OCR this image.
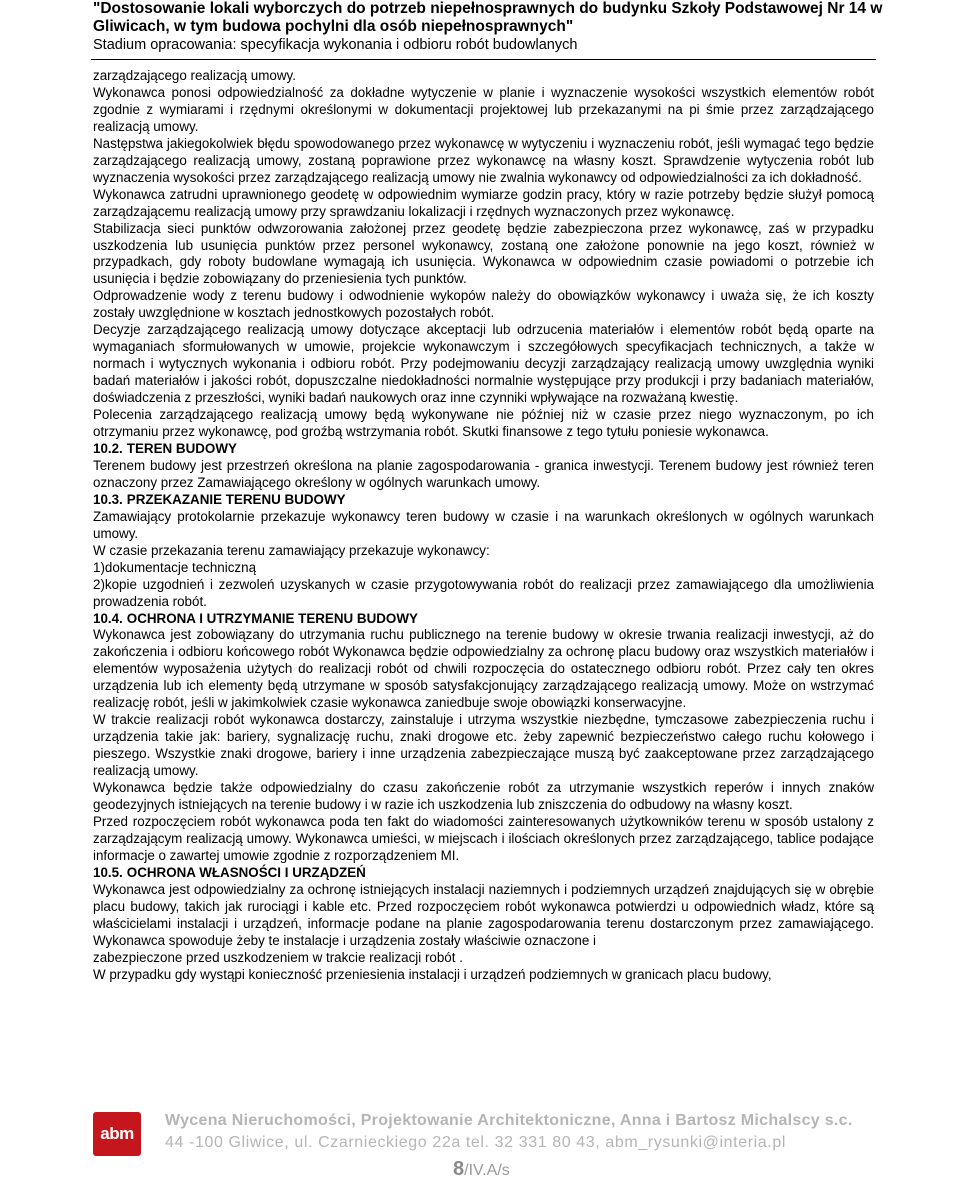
"Dostosowanie lokali wyborczych do potrzeb niepełnosprawnych do budynku Szkoły Podstawowej Nr 14 w
Gliwicach, w tym budowa pochylni dla osób niepełnosprawnych"
Stadium opracowania: specyfikacja wykonania i odbioru robót budowlanych

zarządzającego realizacją umowy.

Wykonawca ponosi odpowiedzialność za dokładne wytyczenie w planie i wyznaczenie wysokości wszystkich elementów robót zgodnie z wymiarami i rzędnymi określonymi w dokumentacji projektowej lub przekazanymi na pi śmie przez zarządzającego realizacją umowy.

Następstwa jakiegokolwiek błędu spowodowanego przez wykonawcę w wytyczeniu i wyznaczeniu robót, jeśli wymagać tego będzie zarządzającego realizacją umowy, zostaną poprawione przez wykonawcę na własny koszt. Sprawdzenie wytyczenia robót lub wyznaczenia wysokości przez zarządzającego realizacją umowy nie zwalnia wykonawcy od odpowiedzialności za ich dokładność.

Wykonawca zatrudni uprawnionego geodetę w odpowiednim wymiarze godzin pracy, który w razie potrzeby będzie służył pomocą zarządzającemu realizacją umowy przy sprawdzaniu lokalizacji i rzędnych wyznaczonych przez wykonawcę.

Stabilizacja sieci punktów odwzorowania założonej przez geodetę będzie zabezpieczona przez wykonawcę, zaś w przypadku uszkodzenia lub usunięcia punktów przez personel wykonawcy, zostaną one założone ponownie na jego koszt, również w przypadkach, gdy roboty budowlane wymagają ich usunięcia. Wykonawca w odpowiednim czasie powiadomi o potrzebie ich usunięcia i będzie zobowiązany do przeniesienia tych punktów.

Odprowadzenie wody z terenu budowy i odwodnienie wykopów należy do obowiązków wykonawcy i uważa się, że ich koszty zostały uwzględnione w kosztach jednostkowych pozostałych robót.

Decyzje zarządzającego realizacją umowy dotyczące akceptacji lub odrzucenia materiałów i elementów robót będą oparte na wymaganiach sformułowanych w umowie, projekcie wykonawczym i szczegółowych specyfikacjach technicznych, a także w normach i wytycznych wykonania i odbioru robót. Przy podejmowaniu decyzji zarządzający realizacją umowy uwzględnia wyniki badań materiałów i jakości robót, dopuszczalne niedokładności normalnie występujące przy produkcji i przy badaniach materiałów, doświadczenia z przeszłości, wyniki badań naukowych oraz inne czynniki wpływające na rozważaną kwestię.

Polecenia zarządzającego realizacją umowy będą wykonywane nie później niż w czasie przez niego wyznaczonym, po ich otrzymaniu przez wykonawcę, pod groźbą wstrzymania robót. Skutki finansowe z tego tytułu poniesie wykonawca.

10.2. TEREN BUDOWY

Terenem budowy jest przestrzeń określona na planie zagospodarowania - granica inwestycji. Terenem budowy jest również teren oznaczony przez Zamawiającego określony w ogólnych warunkach umowy.

10.3. PRZEKAZANIE TERENU BUDOWY

Zamawiający protokolarnie przekazuje wykonawcy teren budowy w czasie i na warunkach określonych w ogólnych warunkach umowy.

W czasie przekazania terenu zamawiający przekazuje wykonawcy:

1)dokumentacje techniczną

2)kopie uzgodnień i zezwoleń uzyskanych w czasie przygotowywania robót do realizacji przez zamawiającego dla umożliwienia prowadzenia robót.

10.4. OCHRONA I UTRZYMANIE TERENU BUDOWY

Wykonawca jest zobowiązany do utrzymania ruchu publicznego na terenie budowy w okresie trwania realizacji inwestycji, aż do zakończenia i odbioru końcowego robót Wykonawca będzie odpowiedzialny za ochronę placu budowy oraz wszystkich materiałów i elementów wyposażenia użytych do realizacji robót od chwili rozpoczęcia do ostatecznego odbioru robót. Przez cały ten okres urządzenia lub ich elementy będą utrzymane w sposób satysfakcjonujący zarządzającego realizacją umowy. Może on wstrzymać realizację robót, jeśli w jakimkolwiek czasie wykonawca zaniedbuje swoje obowiązki konserwacyjne.

W trakcie realizacji robót wykonawca dostarczy, zainstaluje i utrzyma wszystkie niezbędne, tymczasowe zabezpieczenia ruchu i urządzenia takie jak: bariery, sygnalizację ruchu, znaki drogowe etc. żeby zapewnić bezpieczeństwo całego ruchu kołowego i pieszego. Wszystkie znaki drogowe, bariery i inne urządzenia zabezpieczające muszą być zaakceptowane przez zarządzającego realizacją umowy.

Wykonawca będzie także odpowiedzialny do czasu zakończenie robót za utrzymanie wszystkich reperów i innych znaków geodezyjnych istniejących na terenie budowy i w razie ich uszkodzenia lub zniszczenia do odbudowy na własny koszt.

Przed rozpoczęciem robót wykonawca poda ten fakt do wiadomości zainteresowanych użytkowników terenu w sposób ustalony z zarządzającym realizacją umowy. Wykonawca umieści, w miejscach i ilościach określonych przez zarządzającego, tablice podające informacje o zawartej umowie zgodnie z rozporządzeniem MI.

10.5. OCHRONA WŁASNOŚCI I URZĄDZEŃ

Wykonawca jest odpowiedzialny za ochronę istniejących instalacji naziemnych i podziemnych urządzeń znajdujących się w obrębie placu budowy, takich jak rurociągi i kable etc. Przed rozpoczęciem robót wykonawca potwierdzi u odpowiednich władz, które są właścicielami instalacji i urządzeń, informacje podane na planie zagospodarowania terenu dostarczonym przez zamawiającego. Wykonawca spowoduje żeby te instalacje i urządzenia zostały właściwie oznaczone i

zabezpieczone przed uszkodzeniem w trakcie realizacji robót .

W przypadku gdy wystąpi konieczność przeniesienia instalacji i urządzeń podziemnych w granicach placu budowy,

abm
Wycena Nieruchomości, Projektowanie Architektoniczne, Anna i Bartosz Michalscy s.c.
44 -100 Gliwice, ul. Czarnieckiego 22a tel. 32 331 80 43, abm_rysunki@interia.pl
8/IV.A/s
